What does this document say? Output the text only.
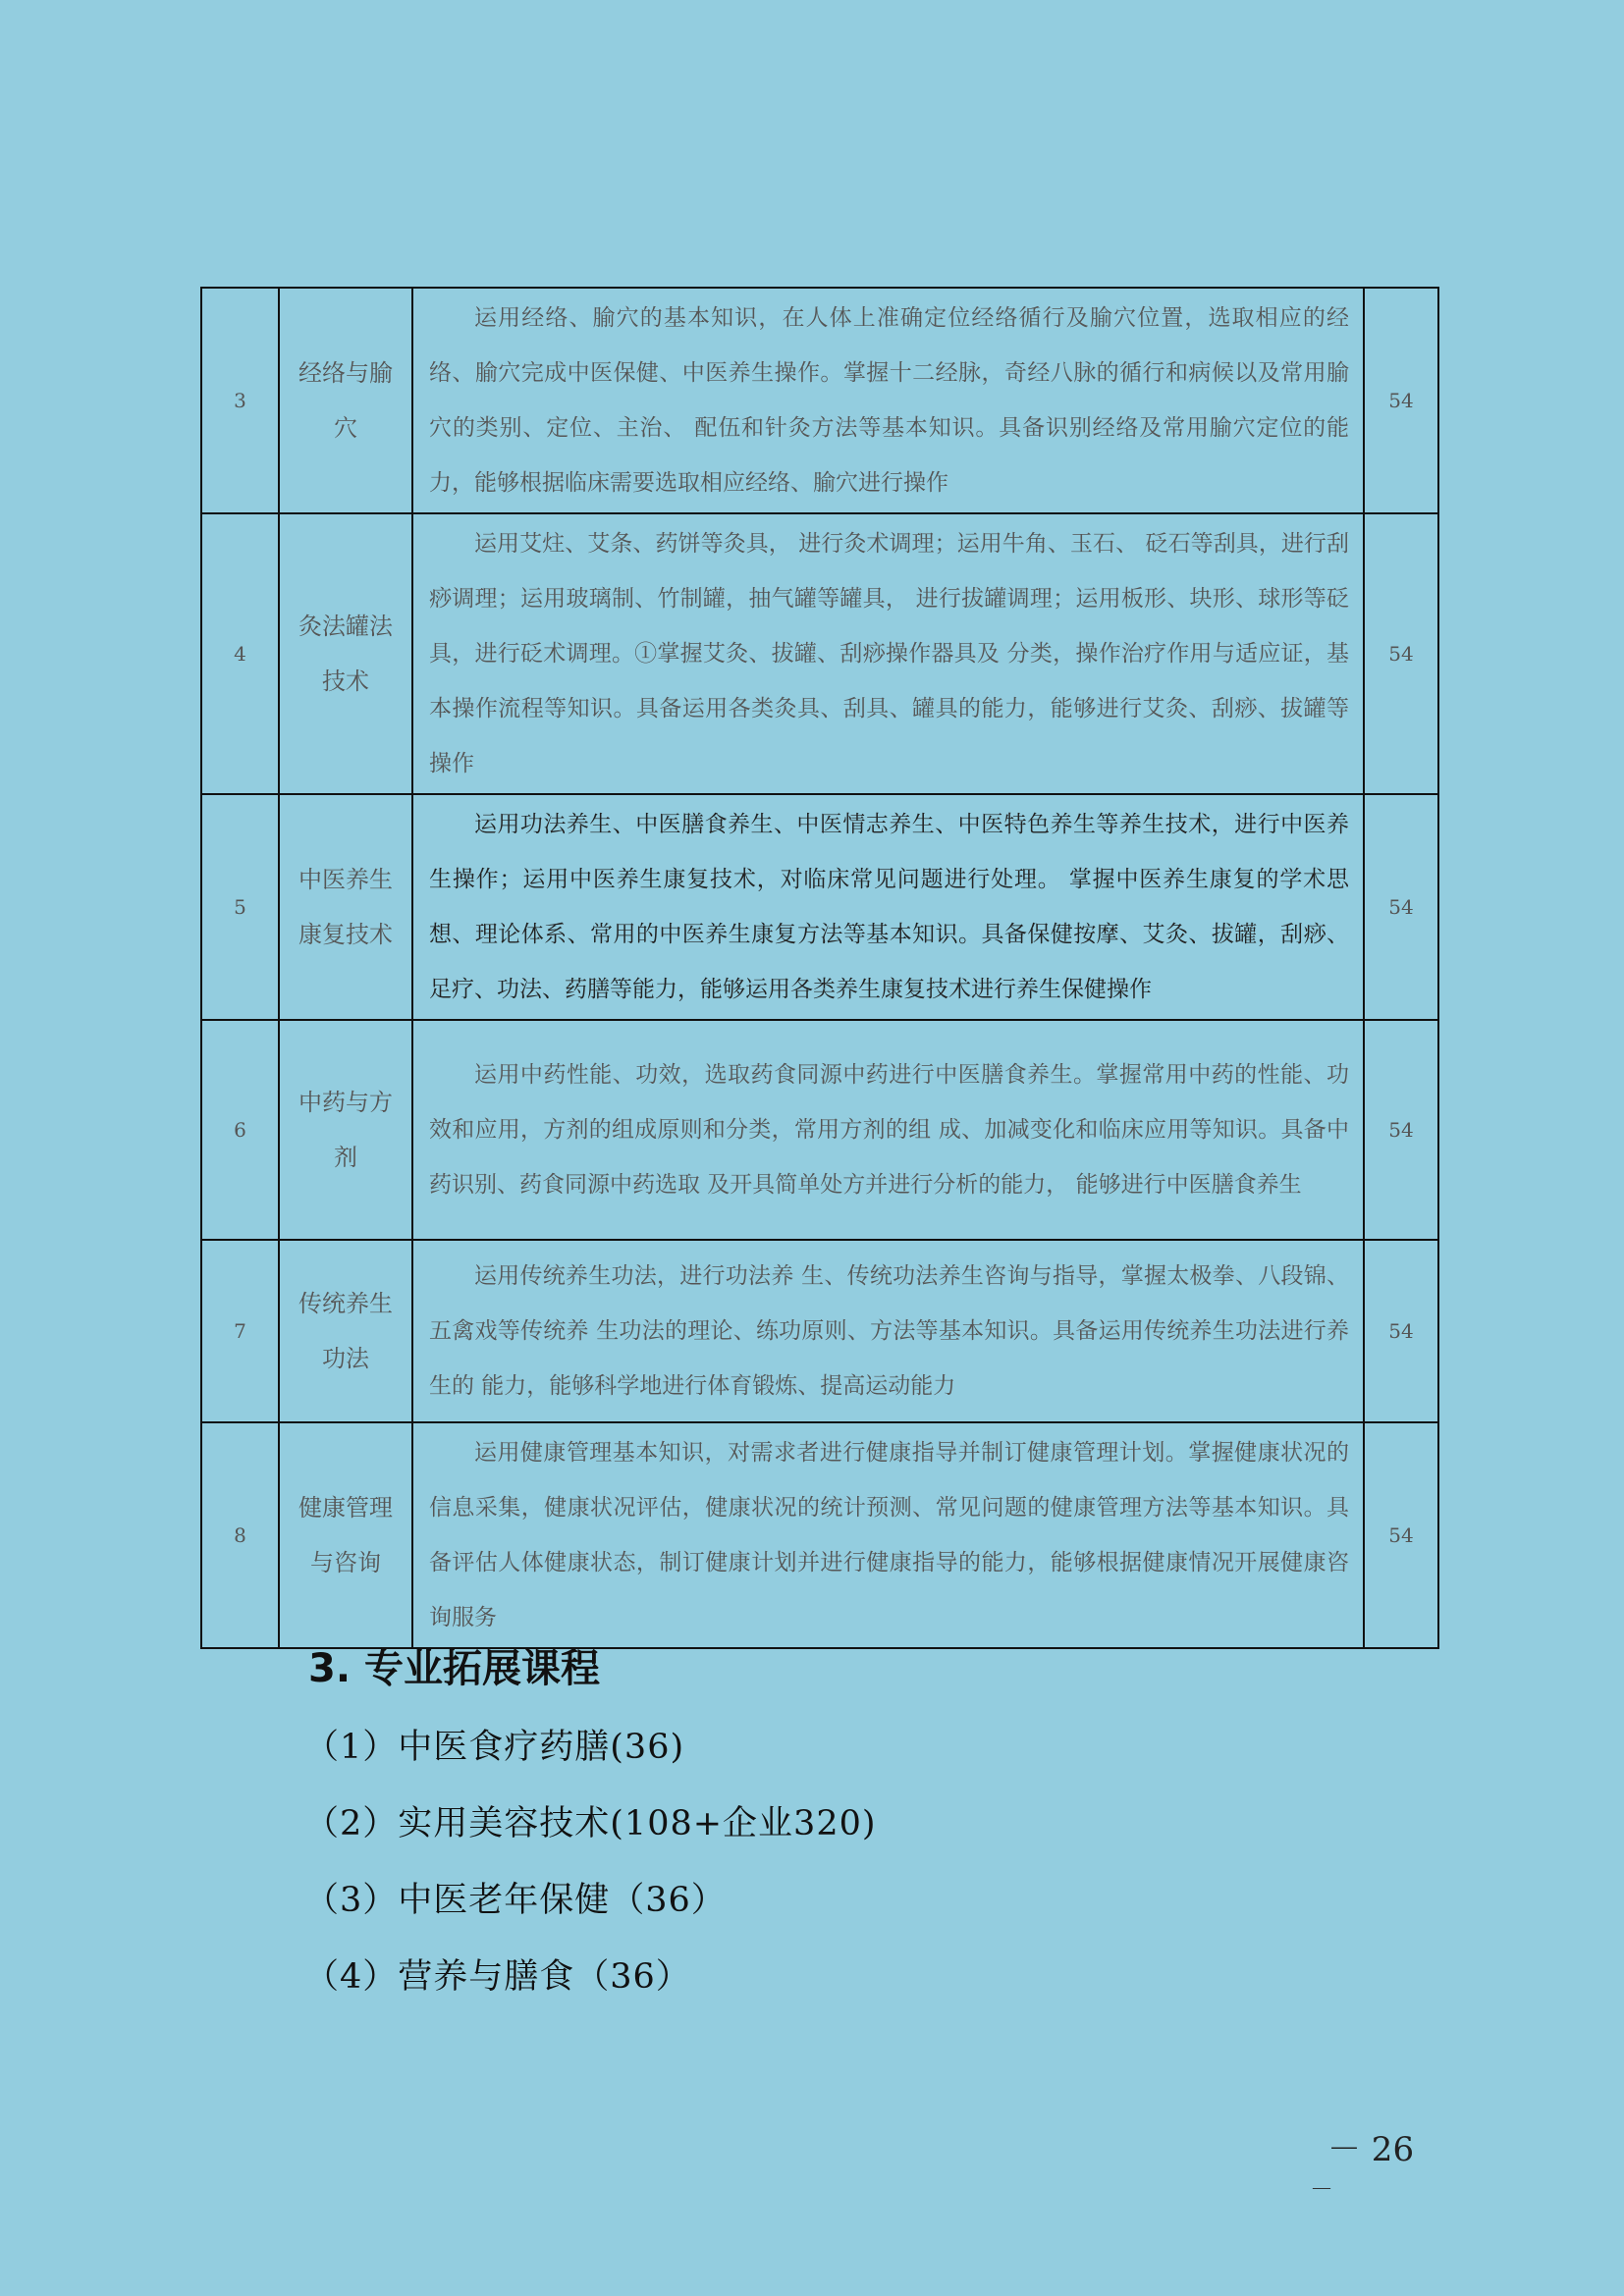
3	经络与腧穴	运用经络、腧穴的基本知识，在人体上准确定位经络循行及腧穴位置，选取相应的经络、腧穴完成中医保健、中医养生操作。掌握十二经脉，奇经八脉的循行和病候以及常用腧穴的类别、定位、主治、 配伍和针灸方法等基本知识。具备识别经络及常用腧穴定位的能力，能够根据临床需要选取相应经络、腧穴进行操作	54
4	灸法罐法技术	运用艾炷、艾条、药饼等灸具， 进行灸术调理；运用牛角、玉石、 砭石等刮具，进行刮痧调理；运用玻璃制、竹制罐，抽气罐等罐具， 进行拔罐调理；运用板形、块形、球形等砭具，进行砭术调理。①掌握艾灸、拔罐、刮痧操作器具及 分类，操作治疗作用与适应证，基本操作流程等知识。具备运用各类灸具、刮具、罐具的能力，能够进行艾灸、刮痧、拔罐等操作	54
5	中医养生康复技术	运用功法养生、中医膳食养生、中医情志养生、中医特色养生等养生技术，进行中医养生操作；运用中医养生康复技术，对临床常见问题进行处理。 掌握中医养生康复的学术思想、理论体系、常用的中医养生康复方法等基本知识。具备保健按摩、艾灸、拔罐，刮痧、足疗、功法、药膳等能力，能够运用各类养生康复技术进行养生保健操作	54
6	中药与方剂	运用中药性能、功效，选取药食同源中药进行中医膳食养生。掌握常用中药的性能、功效和应用，方剂的组成原则和分类，常用方剂的组 成、加减变化和临床应用等知识。具备中药识别、药食同源中药选取 及开具简单处方并进行分析的能力， 能够进行中医膳食养生	54
7	传统养生功法	运用传统养生功法，进行功法养 生、传统功法养生咨询与指导，掌握太极拳、八段锦、五禽戏等传统养 生功法的理论、练功原则、方法等基本知识。具备运用传统养生功法进行养生的 能力，能够科学地进行体育锻炼、提高运动能力	54
8	健康管理与咨询	运用健康管理基本知识，对需求者进行健康指导并制订健康管理计划。掌握健康状况的信息采集，健康状况评估，健康状况的统计预测、常见问题的健康管理方法等基本知识。具备评估人体健康状态，制订健康计划并进行健康指导的能力，能够根据健康情况开展健康咨询服务	54
3. 专业拓展课程
（1）中医食疗药膳(36)
（2）实用美容技术(108+企业320)
（3）中医老年保健（36）
（4）营养与膳食（36）
－ 26
－
